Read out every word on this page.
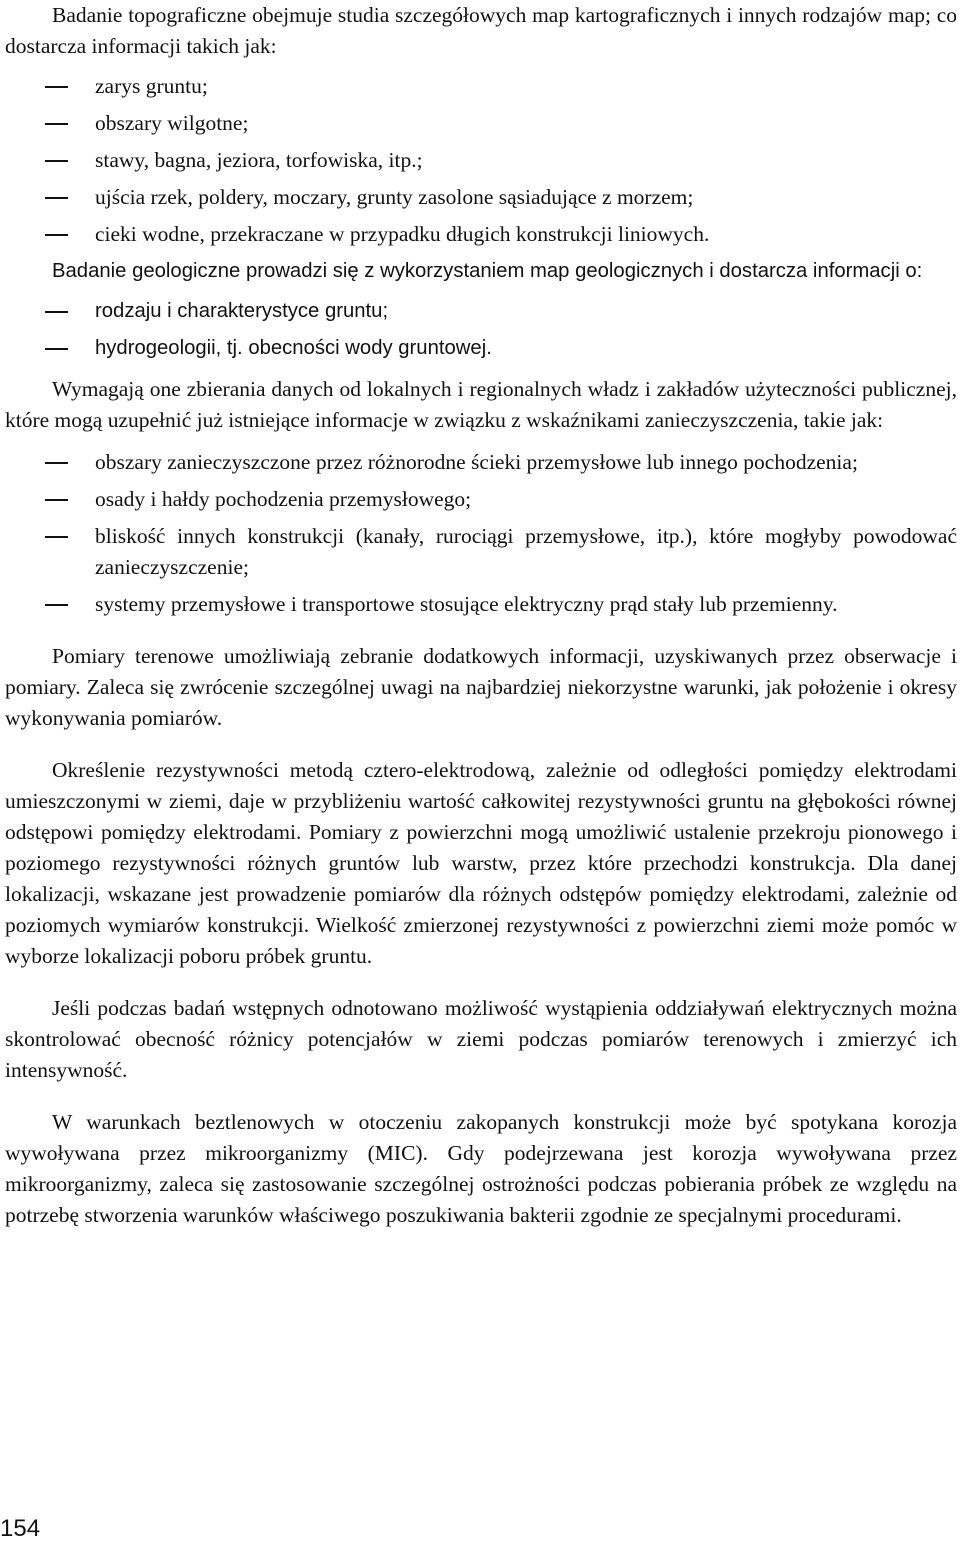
Badanie topograficzne obejmuje studia szczegółowych map kartograficznych i innych rodzajów map; co dostarcza informacji takich jak:

zarys gruntu;
obszary wilgotne;
stawy, bagna, jeziora, torfowiska, itp.;
ujścia rzek, poldery, moczary, grunty zasolone sąsiadujące z morzem;
cieki wodne, przekraczane w przypadku długich konstrukcji liniowych.

Badanie geologiczne prowadzi się z wykorzystaniem map geologicznych i dostarcza informacji o:

rodzaju i charakterystyce gruntu;
hydrogeologii, tj. obecności wody gruntowej.

Wymagają one zbierania danych od lokalnych i regionalnych władz i zakładów użyteczności publicznej, które mogą uzupełnić już istniejące informacje w związku z wskaźnikami zanieczyszczenia, takie jak:

obszary zanieczyszczone przez różnorodne ścieki przemysłowe lub innego pochodzenia;
osady i hałdy pochodzenia przemysłowego;
bliskość innych konstrukcji (kanały, rurociągi przemysłowe, itp.), które mogłyby powodować zanieczyszczenie;
systemy przemysłowe i transportowe stosujące elektryczny prąd stały lub przemienny.

Pomiary terenowe umożliwiają zebranie dodatkowych informacji, uzyskiwanych przez obserwacje i pomiary. Zaleca się zwrócenie szczególnej uwagi na najbardziej niekorzystne warunki, jak położenie i okresy wykonywania pomiarów.

Określenie rezystywności metodą cztero-elektrodową, zależnie od odległości pomiędzy elektrodami umieszczonymi w ziemi, daje w przybliżeniu wartość całkowitej rezystywności gruntu na głębokości równej odstępowi pomiędzy elektrodami. Pomiary z powierzchni mogą umożliwić ustalenie przekroju pionowego i poziomego rezystywności różnych gruntów lub warstw, przez które przechodzi konstrukcja. Dla danej lokalizacji, wskazane jest prowadzenie pomiarów dla różnych odstępów pomiędzy elektrodami, zależnie od poziomych wymiarów konstrukcji. Wielkość zmierzonej rezystywności z powierzchni ziemi może pomóc w wyborze lokalizacji poboru próbek gruntu.

Jeśli podczas badań wstępnych odnotowano możliwość wystąpienia oddziaływań elektrycznych można skontrolować obecność różnicy potencjałów w ziemi podczas pomiarów terenowych i zmierzyć ich intensywność.

W warunkach beztlenowych w otoczeniu zakopanych konstrukcji może być spotykana korozja wywoływana przez mikroorganizmy (MIC). Gdy podejrzewana jest korozja wywoływana przez mikroorganizmy, zaleca się zastosowanie szczególnej ostrożności podczas pobierania próbek ze względu na potrzebę stworzenia warunków właściwego poszukiwania bakterii zgodnie ze specjalnymi procedurami.

154
